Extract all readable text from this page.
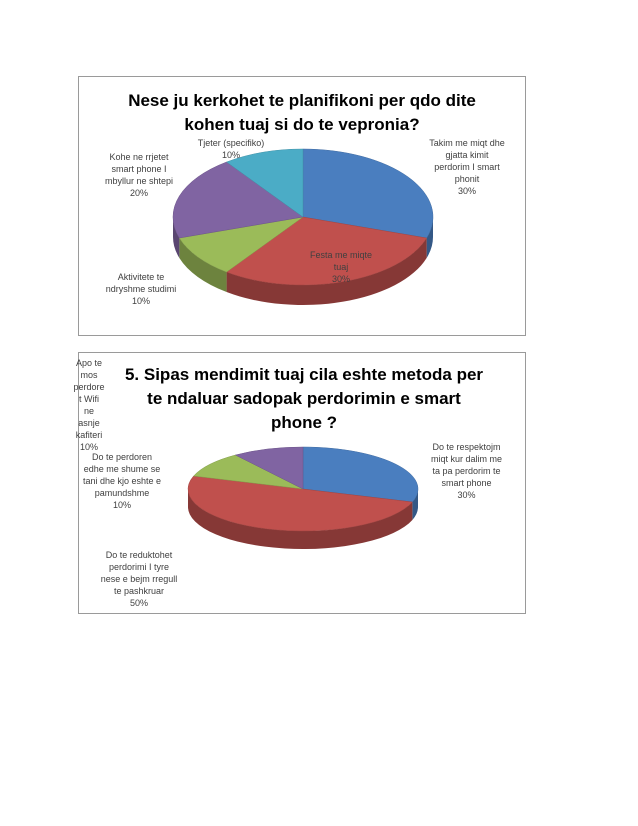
Nese ju kerkohet te planifikoni per qdo dite
kohen tuaj si do te vepronia?
Takim me miqt dhe
gjatta kimit
perdorim I smart
phonit
30%
Festa me miqte
tuaj
30%
Aktivitete te
ndryshme studimi
10%
Kohe ne rrjetet
smart phone I
mbyllur ne shtepi
20%
Tjeter (specifiko)
10%
5. Sipas mendimit tuaj cila eshte metoda per
te ndaluar sadopak perdorimin e smart
phone ?
Do te respektojm
miqt kur dalim me
ta pa perdorim te
smart phone
30%
Do te reduktohet
perdorimi I tyre
nese e bejm rregull
te pashkruar
50%
Do te perdoren
edhe me shume se
tani dhe kjo eshte e
pamundshme
10%
Apo te
mos
perdore
t Wifi
ne
asnje
kafiteri
10%
